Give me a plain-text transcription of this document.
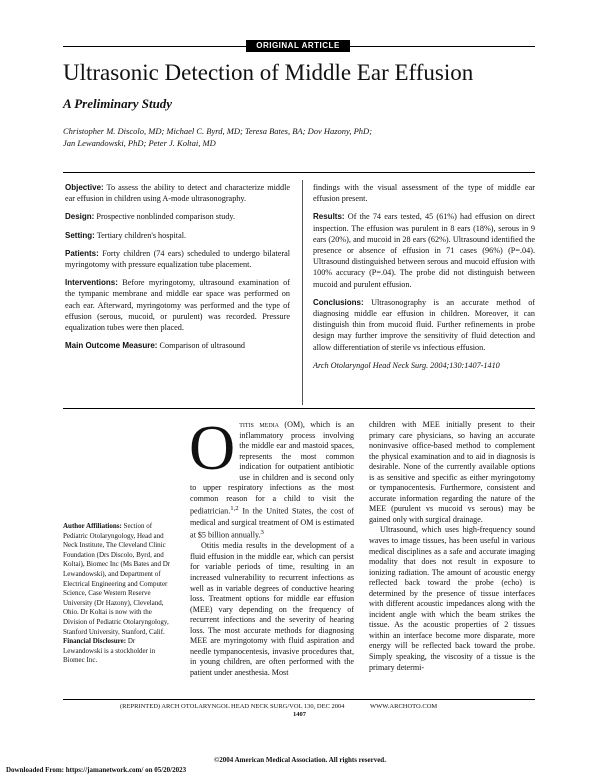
ORIGINAL ARTICLE
Ultrasonic Detection of Middle Ear Effusion
A Preliminary Study
Christopher M. Discolo, MD; Michael C. Byrd, MD; Teresa Bates, BA; Dov Hazony, PhD;
Jan Lewandowski, PhD; Peter J. Koltai, MD

Objective: To assess the ability to detect and characterize middle ear effusion in children using A-mode ultrasonography.

Design: Prospective nonblinded comparison study.

Setting: Tertiary children's hospital.

Patients: Forty children (74 ears) scheduled to undergo bilateral myringotomy with pressure equalization tube placement.

Interventions: Before myringotomy, ultrasound examination of the tympanic membrane and middle ear space was performed on each ear. Afterward, myringotomy was performed and the type of effusion (serous, mucoid, or purulent) was recorded. Pressure equalization tubes were then placed.

Main Outcome Measure: Comparison of ultrasound

findings with the visual assessment of the type of middle ear effusion present.

Results: Of the 74 ears tested, 45 (61%) had effusion on direct inspection. The effusion was purulent in 8 ears (18%), serous in 9 ears (20%), and mucoid in 28 ears (62%). Ultrasound identified the presence or absence of effusion in 71 cases (96%) (P=.04). Ultrasound distinguished between serous and mucoid effusion with 100% accuracy (P=.04). The probe did not distinguish between mucoid and purulent effusion.

Conclusions: Ultrasonography is an accurate method of diagnosing middle ear effusion in children. Moreover, it can distinguish thin from mucoid fluid. Further refinements in probe design may further improve the sensitivity of fluid detection and allow differentiation of sterile vs infectious effusion.

Arch Otolaryngol Head Neck Surg. 2004;130:1407-1410

Author Affiliations: Section of Pediatric Otolaryngology, Head and Neck Institute, The Cleveland Clinic Foundation (Drs Discolo, Byrd, and Koltai), Biomec Inc (Ms Bates and Dr Lewandowski), and Department of Electrical Engineering and Computer Science, Case Western Reserve University (Dr Hazony), Cleveland, Ohio. Dr Koltai is now with the Division of Pediatric Otolaryngology, Stanford University, Stanford, Calif.
Financial Disclosure: Dr Lewandowski is a stockholder in Biomec Inc.

Otitis media (OM), which is an inflammatory process involving the middle ear and mastoid spaces, represents the most common indication for outpatient antibiotic use in children and is second only to upper respiratory infections as the most common reason for a child to visit the pediatrician.$^{1,2}$ In the United States, the cost of medical and surgical treatment of OM is estimated at $5 billion annually.$^3$

Otitis media results in the development of a fluid effusion in the middle ear, which can persist for variable periods of time, resulting in an increased vulnerability to recurrent infections as well as in variable degrees of conductive hearing loss. Treatment options for middle ear effusion (MEE) vary depending on the frequency of recurrent infections and the severity of hearing loss. The most accurate methods for diagnosing MEE are myringotomy with fluid aspiration and needle tympanocentesis, invasive procedures that, in young children, are often performed with the patient under anesthesia. Most

children with MEE initially present to their primary care physicians, so having an accurate noninvasive office-based method to complement the physical examination and to aid in diagnosis is desirable. None of the currently available options is as sensitive and specific as either myringotomy or tympanocentesis. Furthermore, consistent and accurate information regarding the nature of the MEE (purulent vs mucoid vs serous) may be gained only with surgical drainage.

Ultrasound, which uses high-frequency sound waves to image tissues, has been useful in various medical disciplines as a safe and accurate imaging modality that does not result in exposure to ionizing radiation. The amount of acoustic energy reflected back toward the probe (echo) is determined by the presence of tissue interfaces with different acoustic impedances along with the incident angle with which the beam strikes the tissue. As the acoustic properties of 2 tissues within an interface become more disparate, more energy will be reflected back toward the probe. Simply speaking, the viscosity of a tissue is the primary determi-

(REPRINTED) ARCH OTOLARYNGOL HEAD NECK SURG/VOL 130, DEC 2004	WWW.ARCHOTO.COM
1407
©2004 American Medical Association. All rights reserved.
Downloaded From: https://jamanetwork.com/ on 05/20/2023
